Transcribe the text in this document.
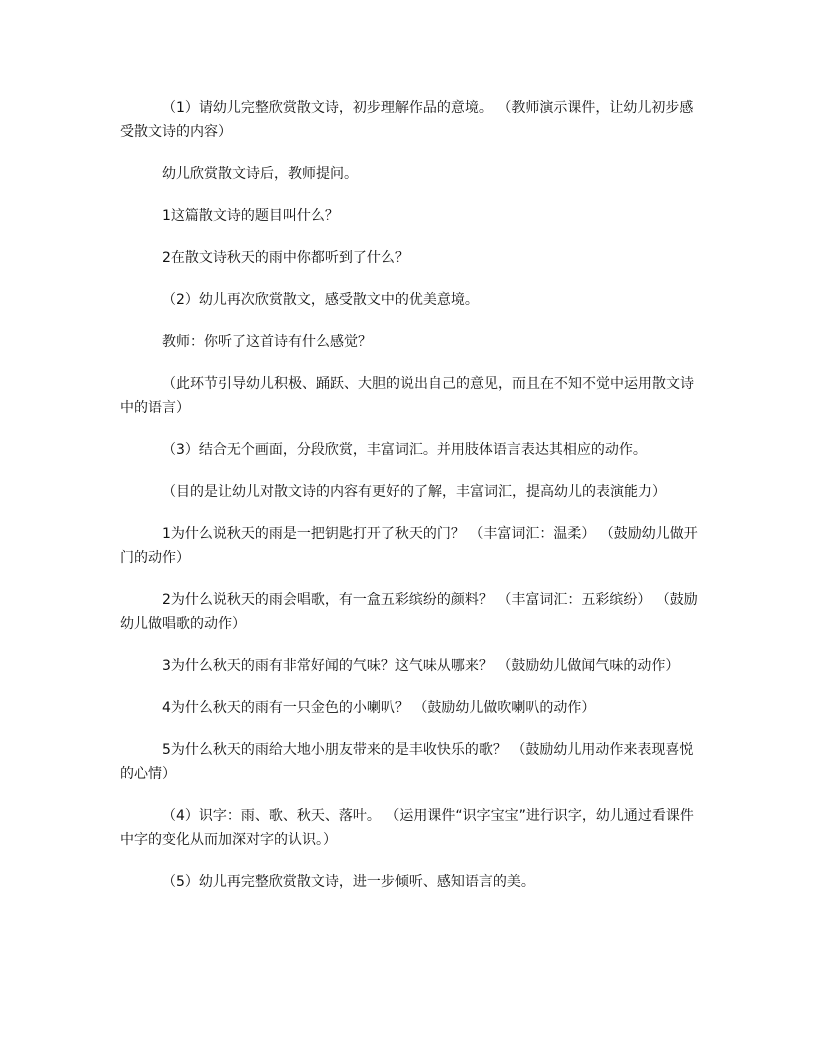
（1）请幼儿完整欣赏散文诗，初步理解作品的意境。 （教师演示课件，让幼儿初步感受散文诗的内容）

幼儿欣赏散文诗后，教师提问。

1这篇散文诗的题目叫什么？

2在散文诗秋天的雨中你都听到了什么？

（2）幼儿再次欣赏散文，感受散文中的优美意境。

教师：你听了这首诗有什么感觉？

（此环节引导幼儿积极、踊跃、大胆的说出自己的意见，而且在不知不觉中运用散文诗中的语言）

（3）结合无个画面，分段欣赏，丰富词汇。并用肢体语言表达其相应的动作。

（目的是让幼儿对散文诗的内容有更好的了解，丰富词汇，提高幼儿的表演能力）

1为什么说秋天的雨是一把钥匙打开了秋天的门？ （丰富词汇：温柔） （鼓励幼儿做开门的动作）

2为什么说秋天的雨会唱歌，有一盒五彩缤纷的颜料？ （丰富词汇：五彩缤纷） （鼓励幼儿做唱歌的动作）

3为什么秋天的雨有非常好闻的气味？这气味从哪来？ （鼓励幼儿做闻气味的动作）

4为什么秋天的雨有一只金色的小喇叭？ （鼓励幼儿做吹喇叭的动作）

5为什么秋天的雨给大地小朋友带来的是丰收快乐的歌？ （鼓励幼儿用动作来表现喜悦的心情）

（4）识字：雨、歌、秋天、落叶。 （运用课件“识字宝宝”进行识字，幼儿通过看课件中字的变化从而加深对字的认识。）

（5）幼儿再完整欣赏散文诗，进一步倾听、感知语言的美。
